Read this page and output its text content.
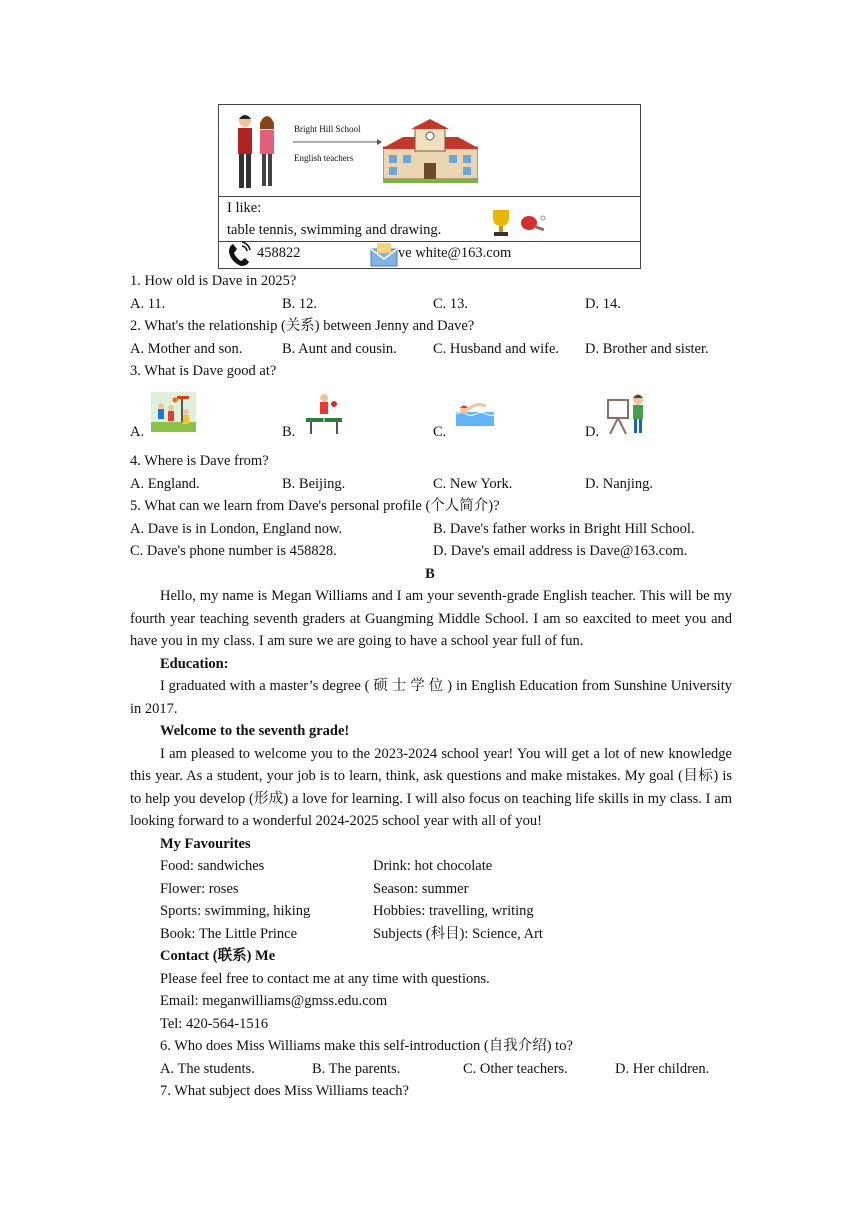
Bright Hill School
English teachers
I like:
table tennis, swimming and drawing.
458822	ve white@163.com
1. How old is Dave in 2025?
A. 11.	B. 12.	C. 13.	D. 14.
2. What's the relationship (关系) between Jenny and Dave?
A. Mother and son.	B. Aunt and cousin. C. Husband and wife. D. Brother and sister.
3. What is Dave good at?
A.	B.	C.	D.
4. Where is Dave from?
A. England.	B. Beijing.	C. New York.	D. Nanjing.
5. What can we learn from Dave's personal profile (个人简介)?
A. Dave is in London, England now.	B. Dave's father works in Bright Hill School.
C. Dave's phone number is 458828.	D. Dave's email address is Dave@163.com.
B
Hello, my name is Megan Williams and I am your seventh-grade English teacher. This will be my fourth year teaching seventh graders at Guangming Middle School. I am so eaxcited to meet you and have you in my class. I am sure we are going to have a school year full of fun.
Education:
I graduated with a master’s degree ( 硕 士 学 位 ) in English Education from Sunshine University in 2017.
Welcome to the seventh grade!
I am pleased to welcome you to the 2023-2024 school year! You will get a lot of new knowledge this year. As a student, your job is to learn, think, ask questions and make mistakes. My goal (目标) is to help you develop (形成) a love for learning. I will also focus on teaching life skills in my class. I am looking forward to a wonderful 2024-2025 school year with all of you!
My Favourites
Food: sandwiches	Drink: hot chocolate
Flower: roses	Season: summer
Sports: swimming, hiking	Hobbies: travelling, writing
Book: The Little Prince	Subjects (科目): Science, Art
Contact (联系) Me
Please feel free to contact me at any time with questions.
Email: meganwilliams@gmss.edu.com
Tel: 420-564-1516
6. Who does Miss Williams make this self-introduction (自我介绍) to?
A. The students.	B. The parents.	C. Other teachers.	D. Her children.
7. What subject does Miss Williams teach?
